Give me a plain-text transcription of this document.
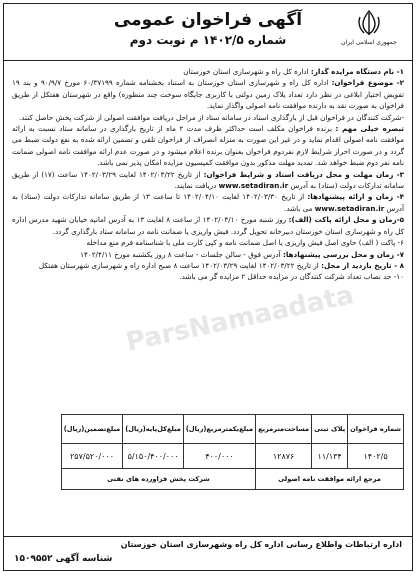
جمهوری اسلامی ایران
آگهی فراخوان عمومی
شماره ۱۴۰۲/۵ م نوبت دوم

۱- نام دستگاه مزایده گذار: اداره کل راه و شهرسازی استان خوزستان

۲- موضوع فراخوان: اداره کل راه و شهرسازی استان خوزستان به استناد بخشنامه شماره ۶۰/۳۷۱۹۹ مورخ ۹۰/۹/۷ و بند ۱۹ تفویض اختیار ابلاغی در نظر دارد تعداد یلاک زمین دولتی با کاربری جایگاه سوخت چند منظوره) واقع در شهرستان هفتکل از طریق فراخوان به صورت نقد به دارنده موافقت نامه اصولی واگذار نماید.

-شرکت کنندگان در فراخوان قبل از بارگذاری اسناد در سامانه ستاد از مراحل دریافت موافقت اصولی از شرکت پخش حاصل کنند.

تبصره خیلی مهم : برنده فراخوان مکلف است حداکثر ظرف مدت ۲ ماه از تاریخ بارگذاری در سامانه ستاد نسبت به ارائه موافقت نامه اصولی اقدام نماید و در غیر این صورت به منزله انصراف از فراخوان تلقی و تضمین ارائه شده به نفع دولت ضبط می گردد و در صورت احراز شرایط لازم نفردوم فراخوان بعنوان برنده اعلام میشود و در صورت عدم ارائه موافقت نامه اصولی ضمانت نامه نفر دوم ضبط خواهد شد. تمدید مهلت مذکور بدون موافقت کمیسیون مزایده امکان پذیر نمی باشد.

۳- زمان مهلت و محل دریافت اسناد و شرایط فراخوان: از تاریخ ۱۴۰۲/۰۳/۲۲ لغایت ۱۴۰۲/۰۳/۲۹ ساعت (۱۷) از طریق سامانه تدارکات دولت (ستاد) به آدرس www.setadiran.ir دریافت نمایند.

۴- زمان و ارائه پیشنهادها: از تاریخ ۱۴۰۲/۰۳/۳۰ لغایت ۱۴۰۲/۰۴/۱۰ تا ساعت ۱۳ از طریق سامانه تدارکات دولت (ستاد) به آدرس www.setadiran.ir می باشد.

۵-زمان و محل ارائه پاکت (الف): روز شنبه مورخ ۱۴۰۲/۰۴/۱۰ از ساعت ۸ لغایت ۱۳ به آدرس امانیه خیابان شهید مدرس اداره کل راه و شهرسازی استان خوزستان دبیرخانه تحویل گردد. فیش واریزی یا ضمانت نامه در سامانه ستاد بارگذاری گردد.

۶- پاکت ( الف) حاوی اصل فیش واریزی یا اصل ضمانت نامه و کپی کارت ملی با شناسنامه فرم منع مداخله

۷- زمان و محل بررسی پیشنهادها: آدرس فوق - سالن جلسات - ساعت ۸ روز یکشنبه مورخ ۱۴۰۲/۴/۱۱

۸ - تاریخ بازدید از محل: از تاریخ ۱۴۰۲/۰۳/۲۲ لغایت ۱۴۰۲/۰۳/۲۹ ساعت ۸ صبح اداره راه و شهرسازی شهرستان هفتکل

۱۰- حد نصاب تعداد شرکت کنندگان در مزایده حداقل ۲ مزایده گر می باشد.

ParsNamaadata
شماره فراخوان	پلاک ثبتی	مساحت‌مترمربع	مبلغ‌یکمترمربع(ریال)	مبلغ‌کل‌پایه(ریال)	مبلغ‌تضمین(ریال)
۱۴۰۲/۵	۱۱/۱۳۴	۱۲۸۷۶	۴۰۰/۰۰۰	۵/۱۵۰/۴۰۰/۰۰۰	۲۵۷/۵۲۰/۰۰۰
مرجع ارائه موافقت نامه اصولی			شرکت پخش فراورده های نفتی		
اداره ارتباطات واطلاع رسانی اداره کل راه وشهرسازی استان خوزستان
شناسه آگهی ۱۵۰۹۵۵۲
